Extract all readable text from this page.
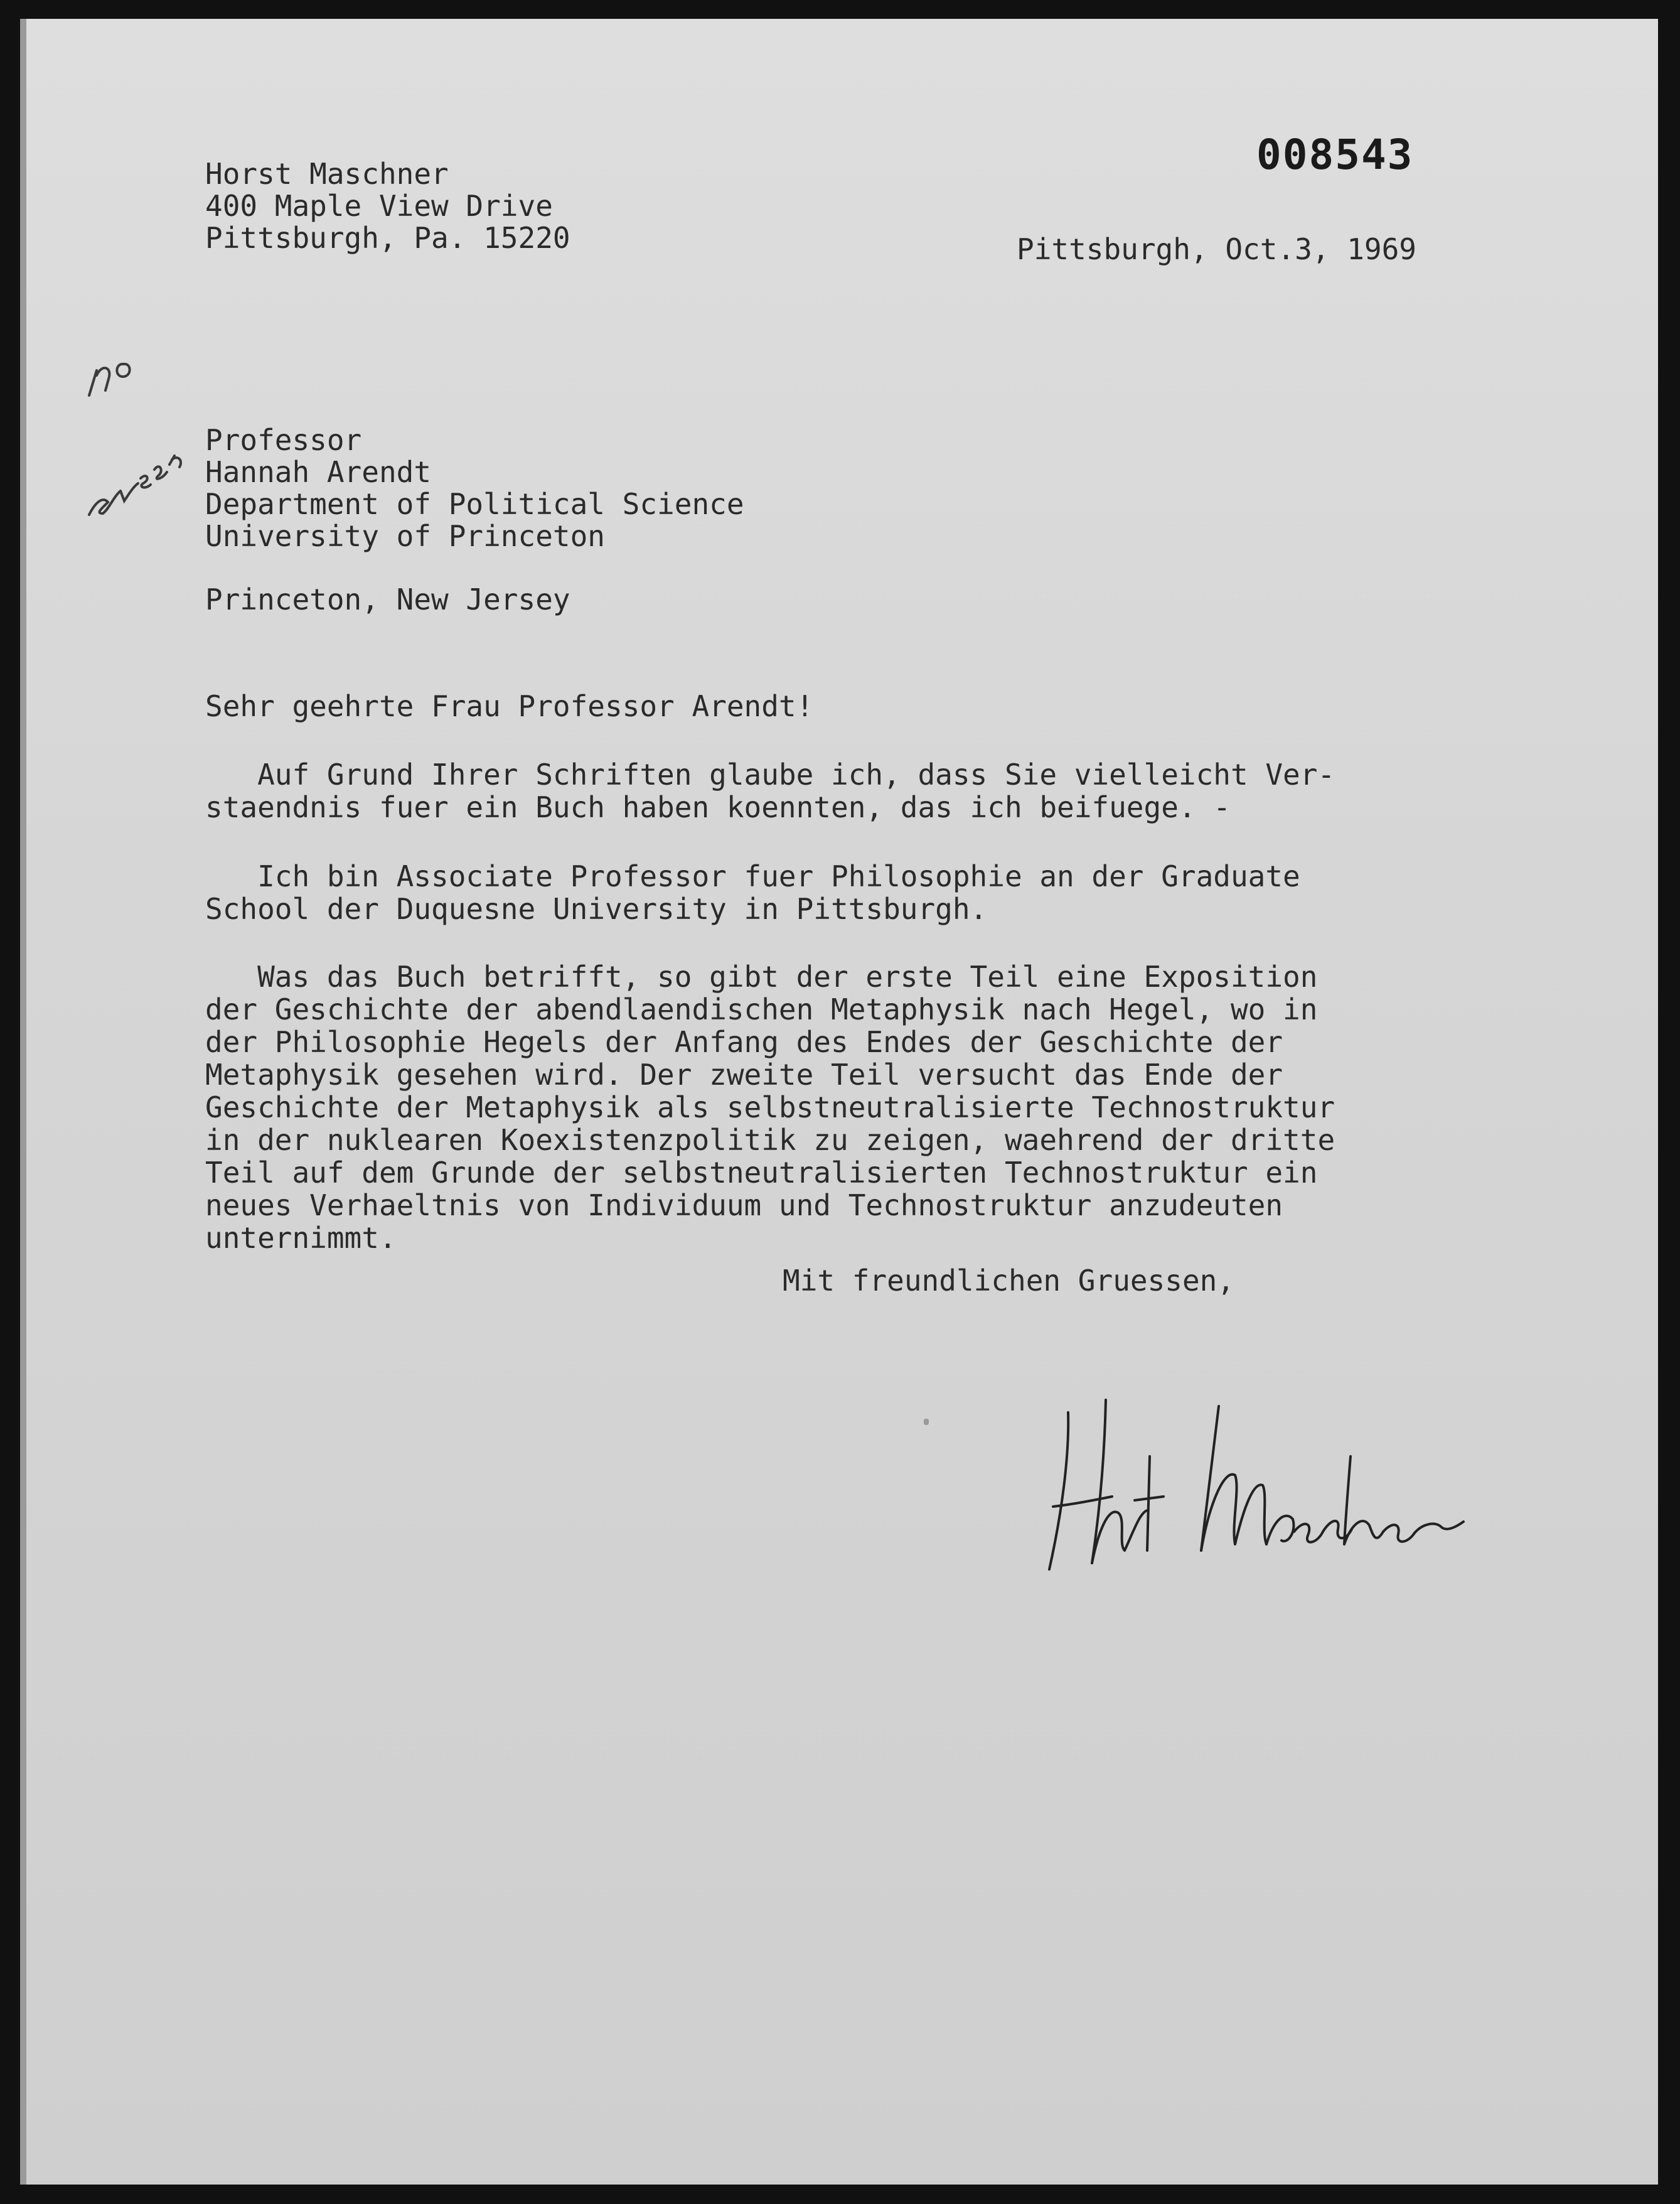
008543
Horst Maschner
400 Maple View Drive
Pittsburgh, Pa. 15220	Pittsburgh, Oct.3, 1969
Professor
Hannah Arendt
Department of Political Science
University of Princeton
Princeton, New Jersey
Sehr geehrte Frau Professor Arendt!
Auf Grund Ihrer Schriften glaube ich, dass Sie vielleicht Ver-
staendnis fuer ein Buch haben koennten, das ich beifuege. -
Ich bin Associate Professor fuer Philosophie an der Graduate
School der Duquesne University in Pittsburgh.
Was das Buch betrifft, so gibt der erste Teil eine Exposition
der Geschichte der abendlaendischen Metaphysik nach Hegel, wo in
der Philosophie Hegels der Anfang des Endes der Geschichte der
Metaphysik gesehen wird. Der zweite Teil versucht das Ende der
Geschichte der Metaphysik als selbstneutralisierte Technostruktur
in der nuklearen Koexistenzpolitik zu zeigen, waehrend der dritte
Teil auf dem Grunde der selbstneutralisierten Technostruktur ein
neues Verhaeltnis von Individuum und Technostruktur anzudeuten
unternimmt.
Mit freundlichen Gruessen,
